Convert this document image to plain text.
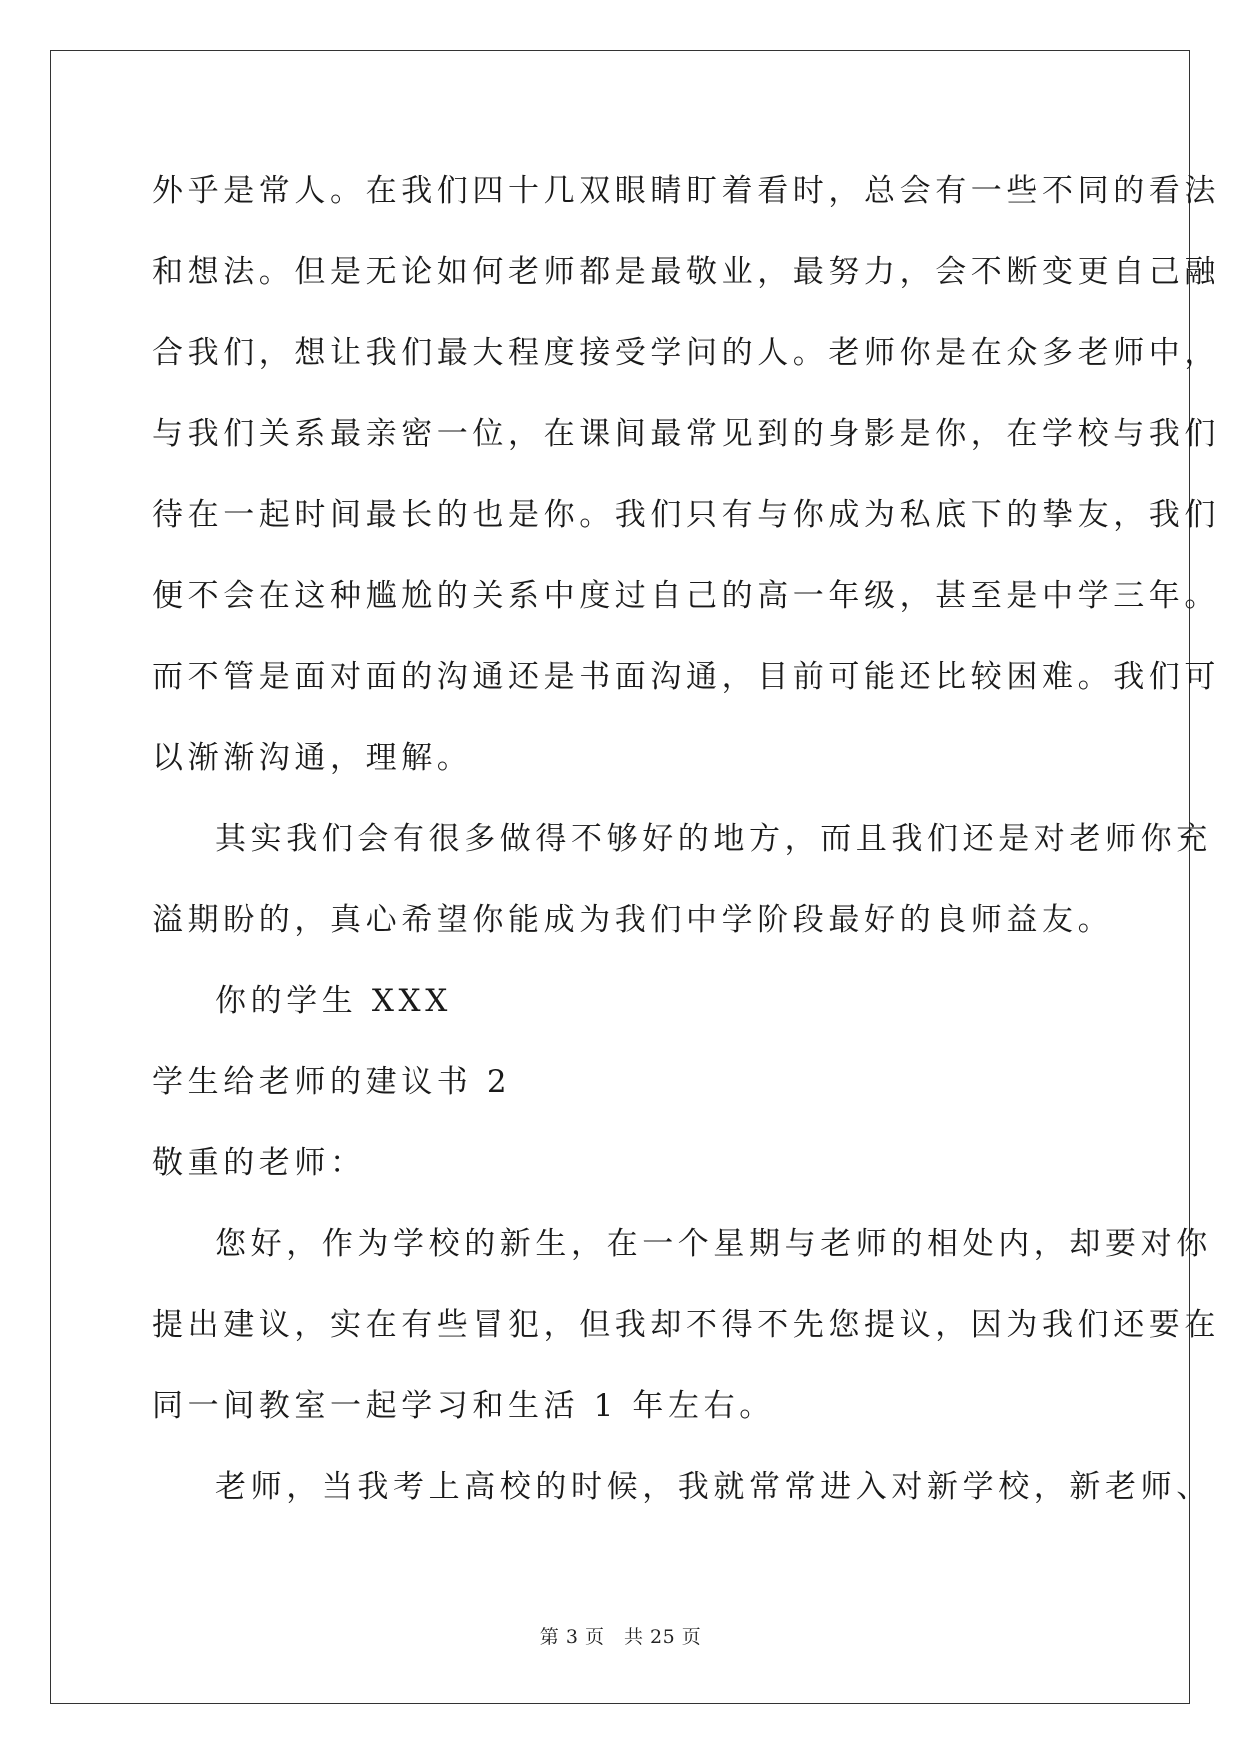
外乎是常人。在我们四十几双眼睛盯着看时，总会有一些不同的看法
和想法。但是无论如何老师都是最敬业，最努力，会不断变更自己融
合我们，想让我们最大程度接受学问的人。老师你是在众多老师中，
与我们关系最亲密一位，在课间最常见到的身影是你，在学校与我们
待在一起时间最长的也是你。我们只有与你成为私底下的挚友，我们
便不会在这种尴尬的关系中度过自己的高一年级，甚至是中学三年。
而不管是面对面的沟通还是书面沟通，目前可能还比较困难。我们可
以渐渐沟通，理解。
其实我们会有很多做得不够好的地方，而且我们还是对老师你充
溢期盼的，真心希望你能成为我们中学阶段最好的良师益友。
你的学生 XXX
学生给老师的建议书 2
敬重的老师：
您好，作为学校的新生，在一个星期与老师的相处内，却要对你
提出建议，实在有些冒犯，但我却不得不先您提议，因为我们还要在
同一间教室一起学习和生活 1 年左右。
老师，当我考上高校的时候，我就常常进入对新学校，新老师、
第 3 页　共 25 页
